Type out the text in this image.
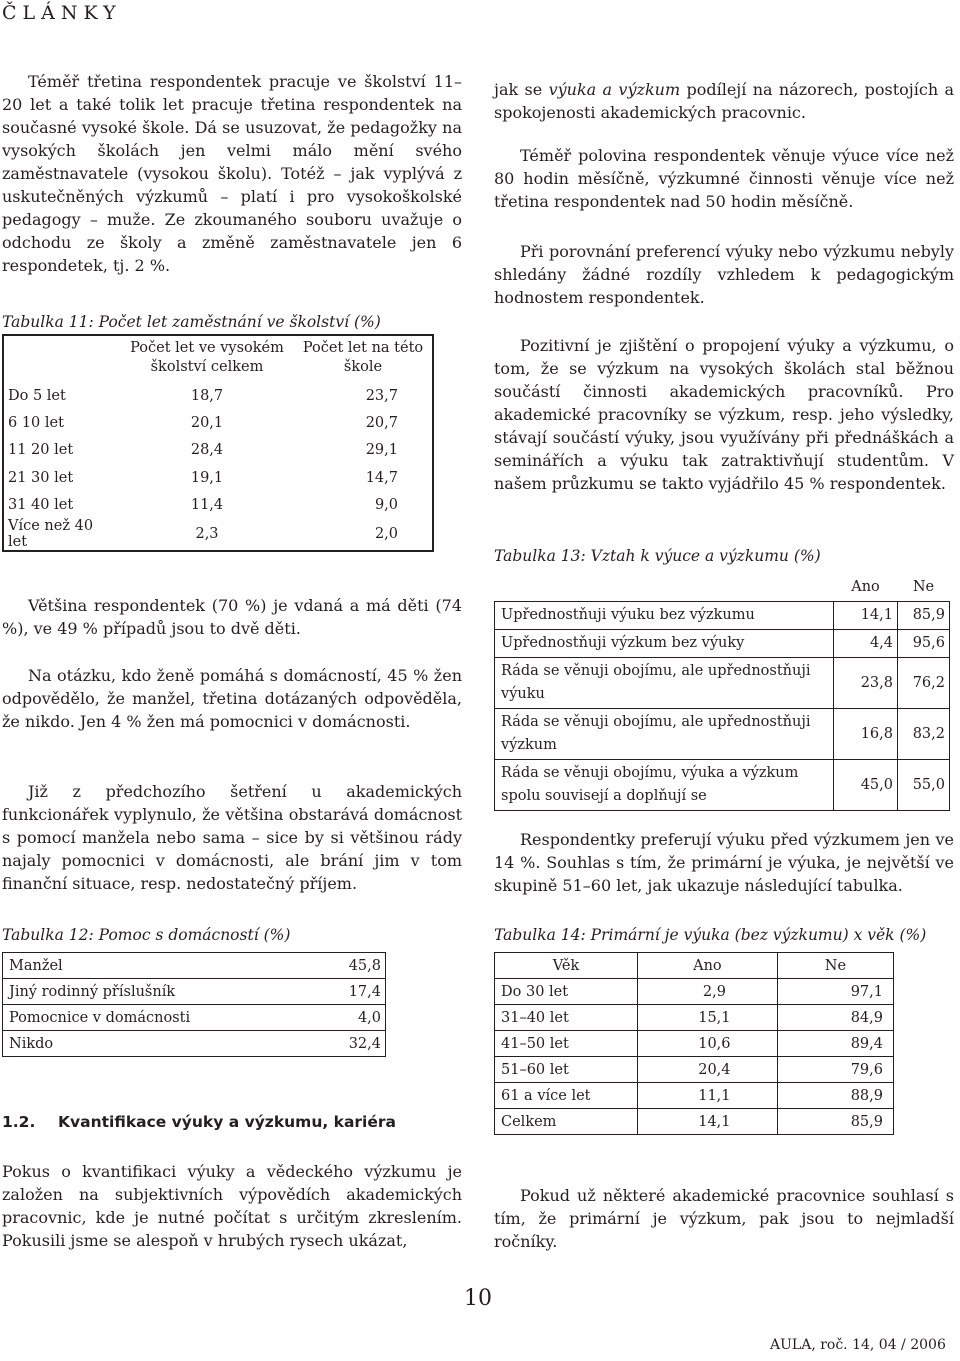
ČLÁNKY
Téměř třetina respondentek pracuje ve školství 11–20 let a také tolik let pracuje třetina respondentek na současné vysoké škole. Dá se usuzovat, že pedagožky na vysokých školách jen velmi málo mění svého zaměstnavatele (vysokou školu). Totéž – jak vyplývá z uskutečněných výzkumů – platí i pro vysokoškolské pedagogy – muže. Ze zkoumaného souboru uvažuje o odchodu ze školy a změně zaměstnavatele jen 6 respondetek, tj. 2 %.

Tabulka 11: Počet let zaměstnání ve školství (%)

	Počet let ve vysokém školství celkem	Počet let na této škole
Do 5 let	18,7	23,7
6 10 let	20,1	20,7
11 20 let	28,4	29,1
21 30 let	19,1	14,7
31 40 let	11,4	9,0
Více než 40 let	2,3	2,0
Většina respondentek (70 %) je vdaná a má děti (74 %), ve 49 % případů jsou to dvě děti.
Na otázku, kdo ženě pomáhá s domácností, 45 % žen odpovědělo, že manžel, třetina dotázaných odpověděla, že nikdo. Jen 4 % žen má pomocnici v domácnosti.
Již z předchozího šetření u akademických funkcionářek vyplynulo, že většina obstarává domácnost s pomocí manžela nebo sama – sice by si většinou rády najaly pomocnici v domácnosti, ale brání jim v tom finanční situace, resp. nedostatečný příjem.

Tabulka 12: Pomoc s domácností (%)

Manžel	45,8
Jiný rodinný příslušník	17,4
Pomocnice v domácnosti	4,0
Nikdo	32,4
1.2. Kvantifikace výuky a výzkumu, kariéra
Pokus o kvantifikaci výuky a vědeckého výzkumu je založen na subjektivních výpovědích akademických pracovnic, kde je nutné počítat s určitým zkreslením. Pokusili jsme se alespoň v hrubých rysech ukázat,
jak se výuka a výzkum podílejí na názorech, postojích a spokojenosti akademických pracovnic.
Téměř polovina respondentek věnuje výuce více než 80 hodin měsíčně, výzkumné činnosti věnuje více než třetina respondentek nad 50 hodin měsíčně.
Při porovnání preferencí výuky nebo výzkumu nebyly shledány žádné rozdíly vzhledem k pedagogickým hodnostem respondentek.
Pozitivní je zjištění o propojení výuky a výzkumu, o tom, že se výzkum na vysokých školách stal běžnou součástí činnosti akademických pracovníků. Pro akademické pracovníky se výzkum, resp. jeho výsledky, stávají součástí výuky, jsou využívány při přednáškách a seminářích a výuku tak zatraktivňují studentům. V našem průzkumu se takto vyjádřilo 45 % respondentek.

Tabulka 13: Vztah k výuce a výzkumu (%)

	Ano	Ne
Upřednostňuji výuku bez výzkumu	14,1	85,9
Upřednostňuji výzkum bez výuky	4,4	95,6
Ráda se věnuji obojímu, ale upřednostňuji výuku	23,8	76,2
Ráda se věnuji obojímu, ale upřednostňuji výzkum	16,8	83,2
Ráda se věnuji obojímu, výuka a výzkum spolu souvisejí a doplňují se	45,0	55,0
Respondentky preferují výuku před výzkumem jen ve 14 %. Souhlas s tím, že primární je výuka, je největší ve skupině 51–60 let, jak ukazuje následující tabulka.

Tabulka 14: Primární je výuka (bez výzkumu) x věk (%)

Věk	Ano	Ne
Do 30 let	2,9	97,1
31–40 let	15,1	84,9
41–50 let	10,6	89,4
51–60 let	20,4	79,6
61 a více let	11,1	88,9
Celkem	14,1	85,9
Pokud už některé akademické pracovnice souhlasí s tím, že primární je výzkum, pak jsou to nejmladší ročníky.
10
AULA, roč. 14, 04 / 2006
